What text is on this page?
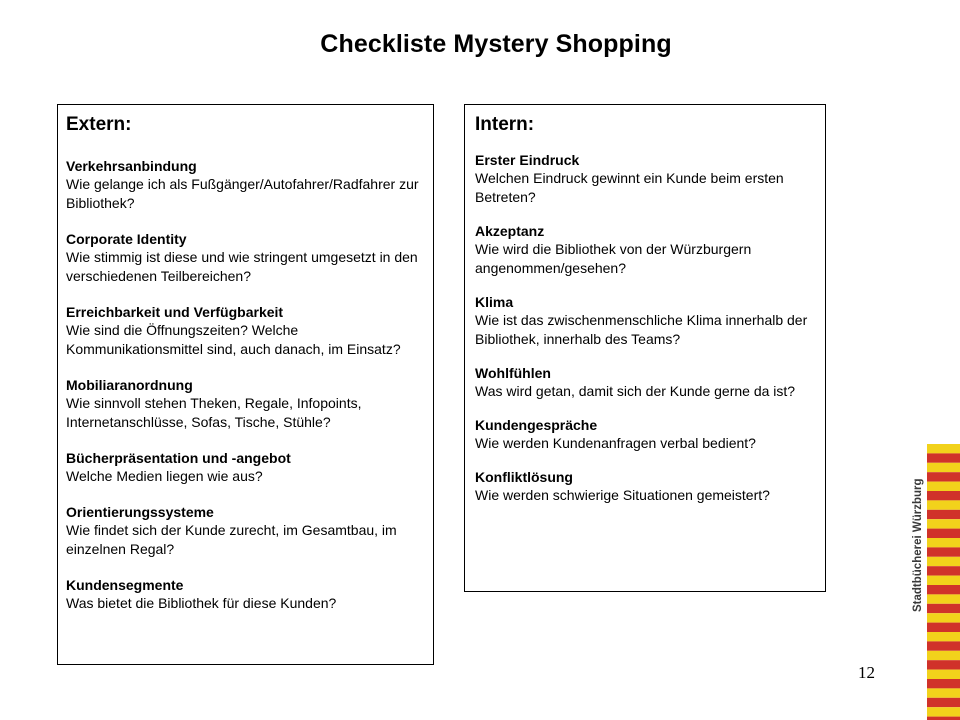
Checkliste Mystery Shopping
Extern:
Verkehrsanbindung
Wie gelange ich als Fußgänger/Autofahrer/Radfahrer zur Bibliothek?
Corporate Identity
Wie stimmig ist diese und wie stringent umgesetzt in den verschiedenen Teilbereichen?
Erreichbarkeit und Verfügbarkeit
Wie sind die Öffnungszeiten? Welche Kommunikationsmittel sind, auch danach, im Einsatz?
Mobiliaranordnung
Wie sinnvoll stehen Theken, Regale, Infopoints, Internetanschlüsse, Sofas, Tische, Stühle?
Bücherpräsentation und -angebot
Welche Medien liegen wie aus?
Orientierungssysteme
Wie findet sich der Kunde zurecht, im Gesamtbau, im einzelnen Regal?
Kundensegmente
Was bietet die Bibliothek für diese Kunden?
Intern:
Erster Eindruck
Welchen Eindruck gewinnt ein Kunde beim ersten Betreten?
Akzeptanz
Wie wird die Bibliothek von der Würzburgern angenommen/gesehen?
Klima
Wie ist das zwischenmenschliche Klima innerhalb der Bibliothek, innerhalb des Teams?
Wohlfühlen
Was wird getan, damit sich der Kunde gerne da ist?
Kundengespräche
Wie werden Kundenanfragen verbal bedient?
Konfliktlösung
Wie werden schwierige Situationen gemeistert?
12
Stadtbücherei Würzburg
